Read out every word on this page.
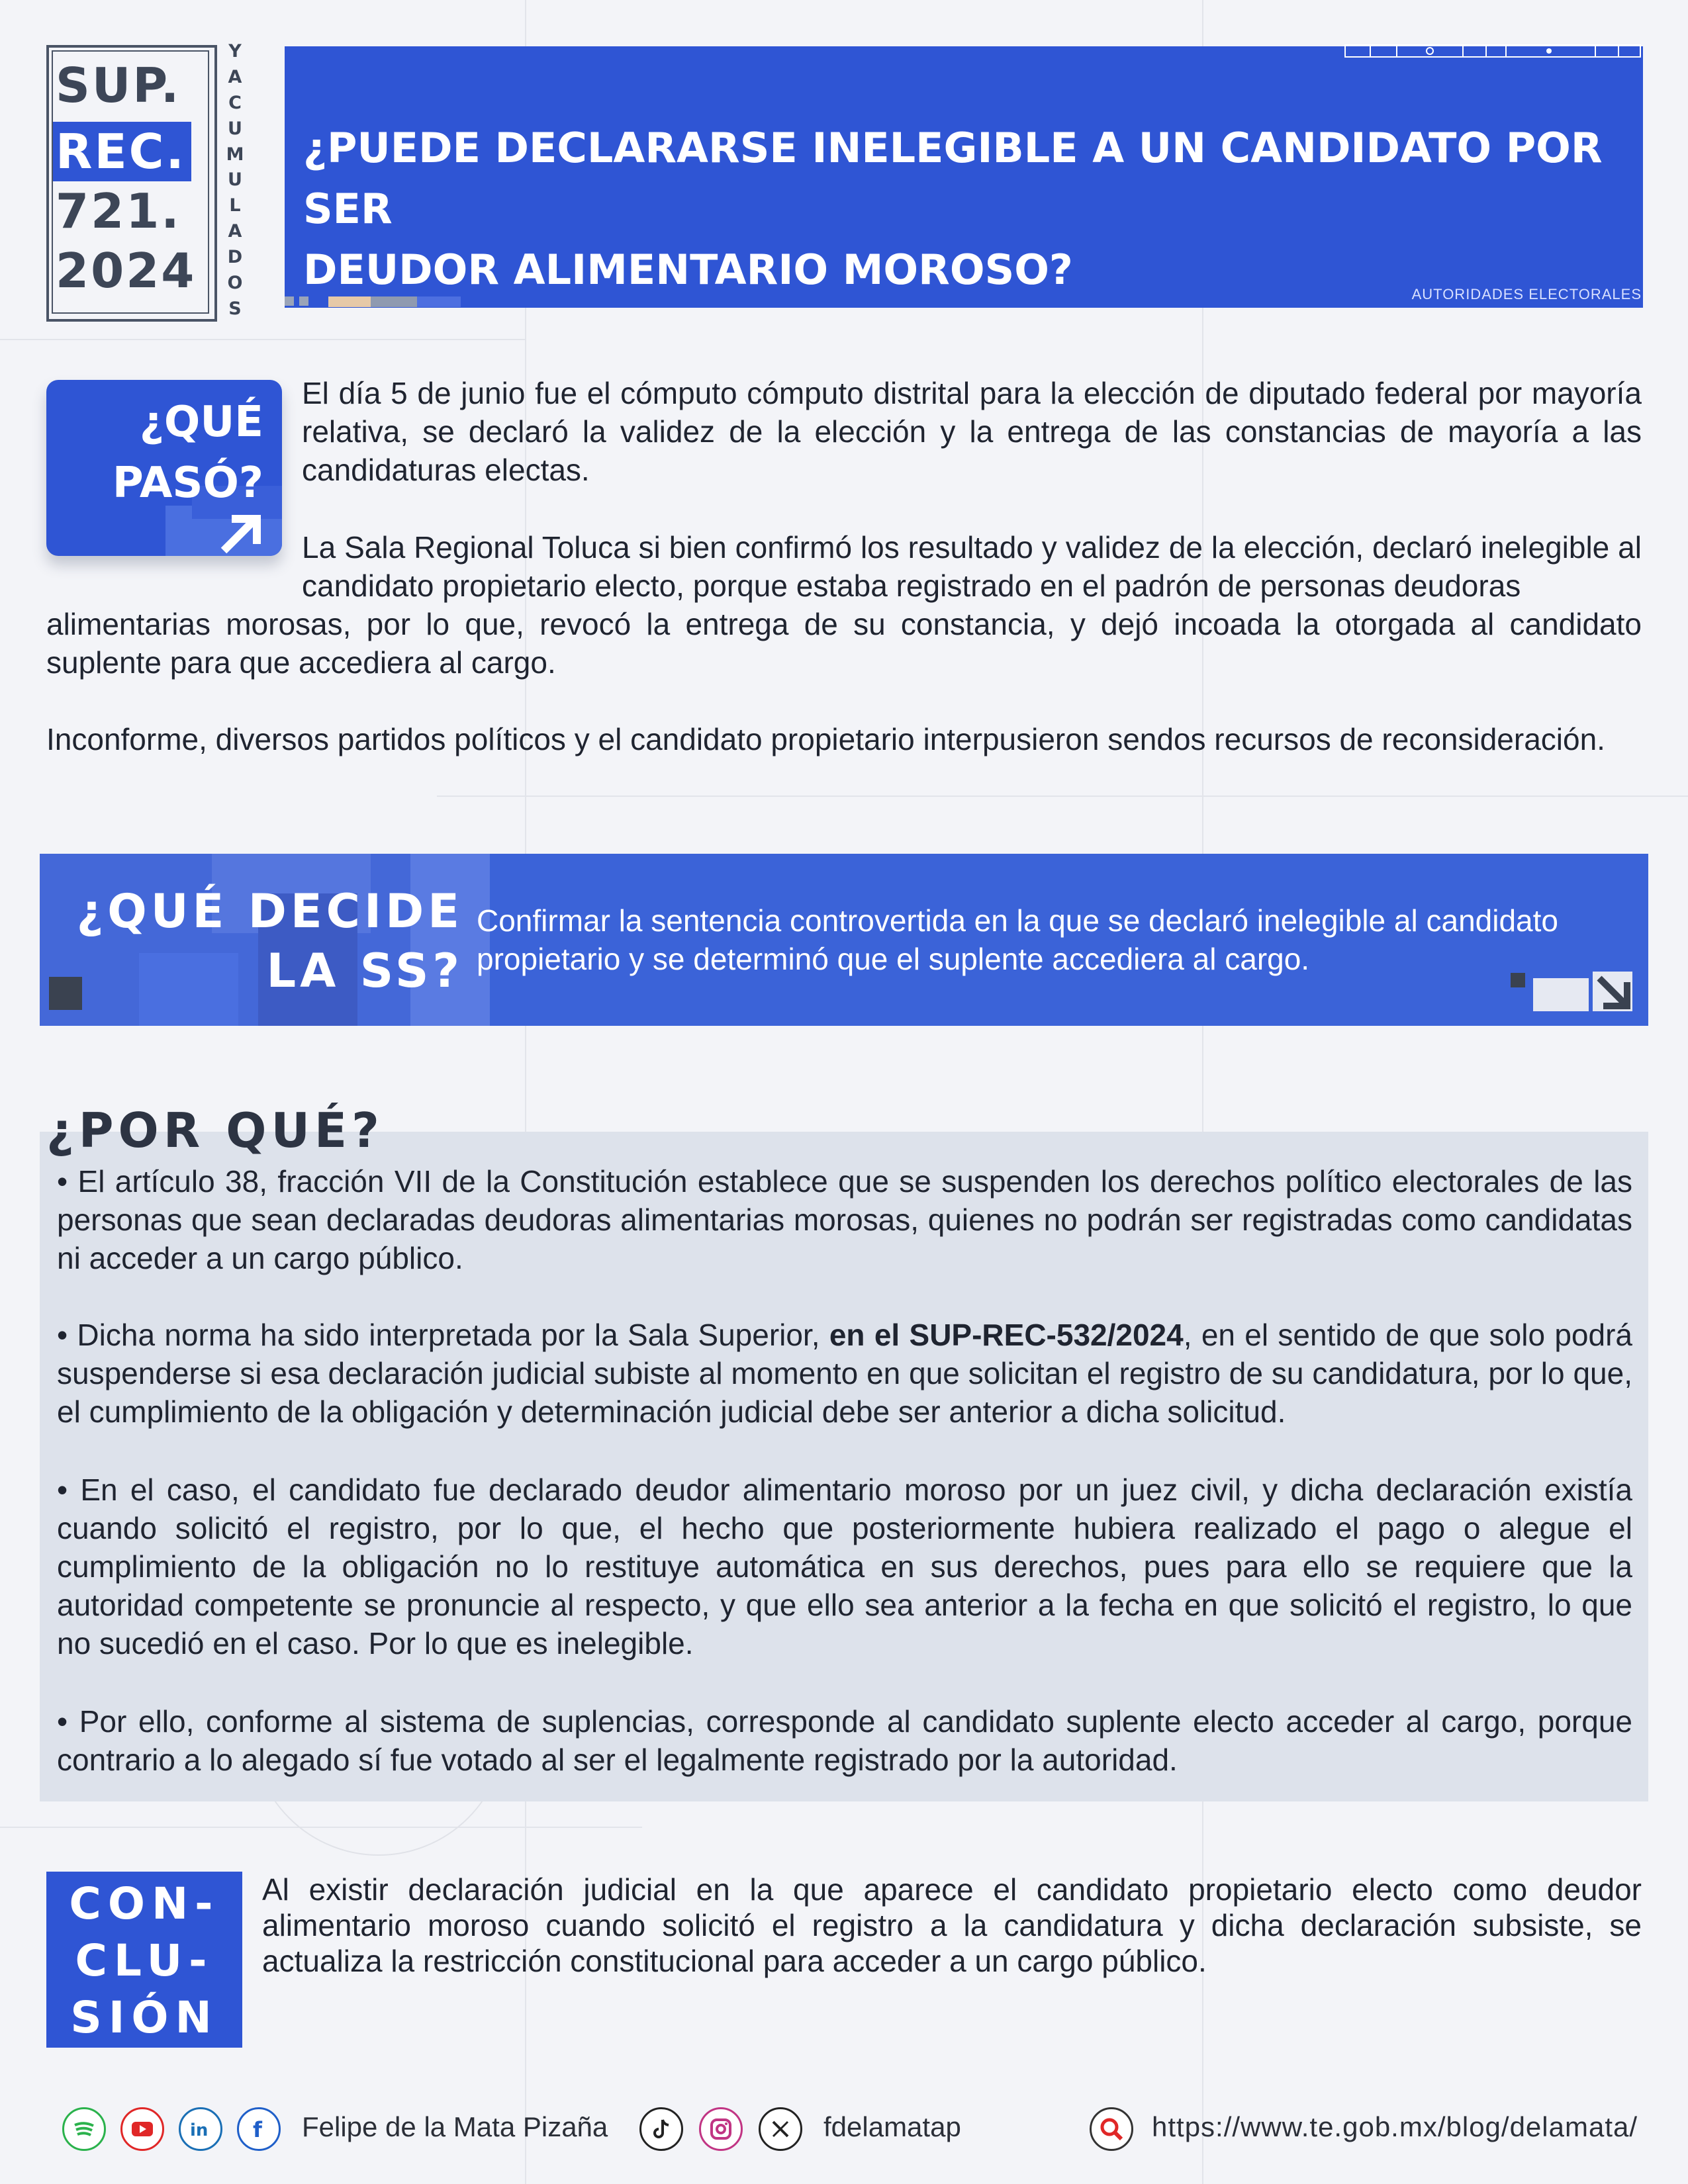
SUP.
REC.
721.
2024
Y
A
C
U
M
U
L
A
D
O
S
¿PUEDE DECLARARSE INELEGIBLE A UN CANDIDATO POR SER
DEUDOR ALIMENTARIO MOROSO?
AUTORIDADES ELECTORALES
¿QUÉ
PASÓ?
El día 5 de junio fue el cómputo cómputo distrital para la elección de diputado federal por mayoría relativa, se declaró la validez de la elección y la entrega de las constancias de mayoría a las candidaturas electas.
La Sala Regional Toluca si bien confirmó los resultado y validez de la elección, declaró inelegible al candidato propietario electo, porque estaba registrado en el padrón de personas deudoras
alimentarias morosas, por lo que, revocó la entrega de su constancia, y dejó incoada la otorgada al candidato suplente para que accediera al cargo.
Inconforme, diversos partidos políticos y el candidato propietario interpusieron sendos recursos de reconsideración.
¿QUÉ DECIDE
LA SS?
Confirmar la sentencia controvertida en la que se declaró inelegible al candidato propietario y se determinó que el suplente accediera al cargo.
¿POR QUÉ?
• El artículo 38, fracción VII de la Constitución establece que se suspenden los derechos político electorales de las personas que sean declaradas deudoras alimentarias morosas, quienes no podrán ser registradas como candidatas ni acceder a un cargo público.
• Dicha norma ha sido interpretada por la Sala Superior, en el SUP-REC-532/2024, en el sentido de que solo podrá suspenderse si esa declaración judicial subiste al momento en que solicitan el registro de su candidatura, por lo que, el cumplimiento de la obligación y determinación judicial debe ser anterior a dicha solicitud.
• En el caso, el candidato fue declarado deudor alimentario moroso por un juez civil, y dicha declaración existía cuando solicitó el registro, por lo que, el hecho que posteriormente hubiera realizado el pago o alegue el cumplimiento de la obligación no lo restituye automática en sus derechos, pues para ello se requiere que la autoridad competente se pronuncie al respecto, y que ello sea anterior a la fecha en que solicitó el registro, lo que no sucedió en el caso. Por lo que es inelegible.
• Por ello, conforme al sistema de suplencias, corresponde al candidato suplente electo acceder al cargo, porque contrario a lo alegado sí fue votado al ser el legalmente registrado por la autoridad.
CON-
CLU-
SIÓN
Al existir declaración judicial en la que aparece el candidato propietario electo como deudor alimentario moroso cuando solicitó el registro a la candidatura y dicha declaración subsiste, se actualiza la restricción constitucional para acceder a un cargo público.
in f Felipe de la Mata Pizaña	fdelamatap	https://www.te.gob.mx/blog/delamata/
